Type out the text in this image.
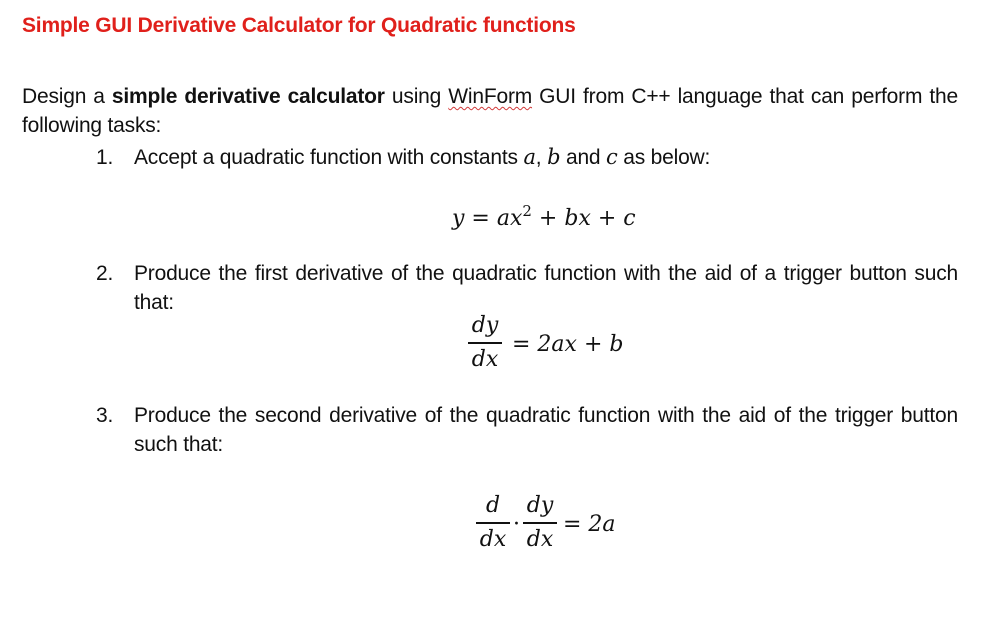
Simple GUI Derivative Calculator for Quadratic functions
Design a simple derivative calculator using WinForm GUI from C++ language that can perform the following tasks:
1. Accept a quadratic function with constants a, b and c as below:
$y = ax^2$ + bx + c
2. Produce the first derivative of the quadratic function with the aid of a trigger button such that:
dy
dx
= 2ax + b
3. Produce the second derivative of the quadratic function with the aid of the trigger button such that:
d
dx
·
dy
dx
= 2a
